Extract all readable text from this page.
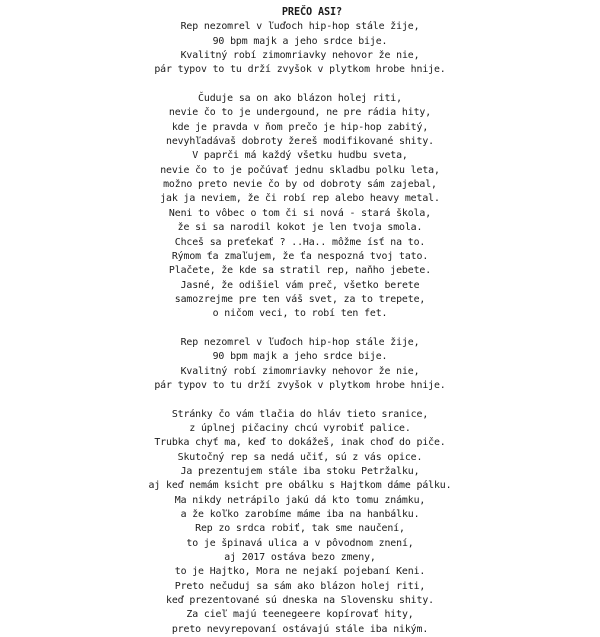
PREČO ASI?
Rep nezomrel v ľuďoch hip-hop stále žije,
90 bpm majk a jeho srdce bije.
Kvalitný robí zimomriavky nehovor že nie,
pár typov to tu drží zvyšok v plytkom hrobe hnije.
Čuduje sa on ako blázon holej riti,
nevie čo to je undergound, ne pre rádia hity,
kde je pravda v ňom prečo je hip-hop zabitý,
nevyhľadávaš dobroty žereš modifikované shity.
V paprči má každý všetku hudbu sveta,
nevie čo to je počúvať jednu skladbu polku leta,
možno preto nevie čo by od dobroty sám zajebal,
jak ja neviem, že či robí rep alebo heavy metal.
Neni to vôbec o tom či si nová - stará škola,
že si sa narodil kokot je len tvoja smola.
Chceš sa preťekať ? ..Ha.. môžme ísť na to.
Rýmom ťa zmaľujem, že ťa nespozná tvoj tato.
Plačete, že kde sa stratil rep, naňho jebete.
Jasné, že odišiel vám preč, všetko berete
samozrejme pre ten váš svet, za to trepete,
o ničom veci, to robí ten fet.
Rep nezomrel v ľuďoch hip-hop stále žije,
90 bpm majk a jeho srdce bije.
Kvalitný robí zimomriavky nehovor že nie,
pár typov to tu drží zvyšok v plytkom hrobe hnije.
Stránky čo vám tlačia do hláv tieto sranice,
z úplnej pičaciny chcú vyrobiť palice.
Trubka chyť ma, keď to dokážeš, inak choď do piče.
Skutočný rep sa nedá učiť, sú z vás opice.
Ja prezentujem stále iba stoku Petržalku,
aj keď nemám ksicht pre obálku s Hajtkom dáme pálku.
Ma nikdy netrápilo jakú dá kto tomu známku,
a že koľko zarobíme máme iba na hanbálku.
Rep zo srdca robiť, tak sme naučení,
to je špinavá ulica a v pôvodnom znení,
aj 2017 ostáva bezo zmeny,
to je Hajtko, Mora ne nejakí pojebaní Keni.
Preto nečuduj sa sám ako blázon holej riti,
keď prezentované sú dneska na Slovensku shity.
Za cieľ majú teenegeere kopírovať hity,
preto nevyrepovaní ostávajú stále iba nikým.
